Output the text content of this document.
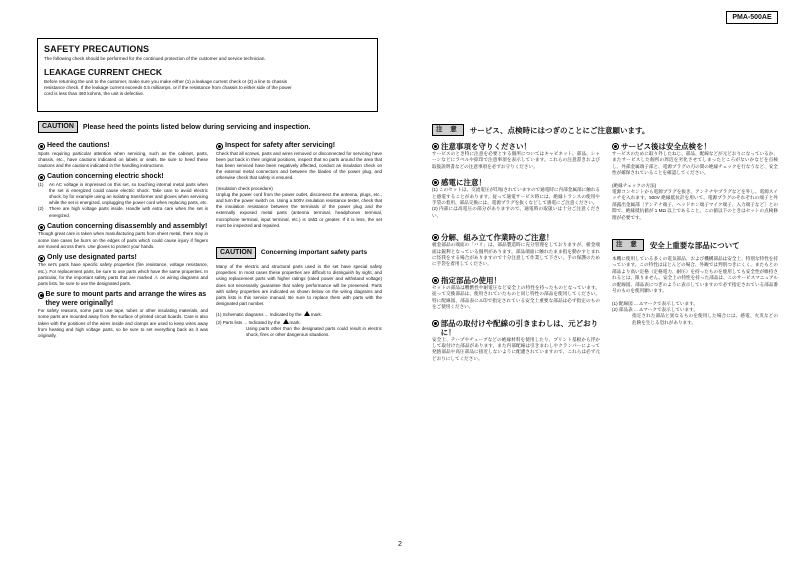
PMA-500AE
SAFETY PRECAUTIONS
The following check should be performed for the continued protection of the customer and service technician.
LEAKAGE CURRENT CHECK
Before returning the unit to the customer, make sure you make either (1) a leakage current check or (2) a line to chassis
resistance check. If the leakage current exceeds 0.5 milliamps, or if the resistance from chassis to either side of the power
cord is less than 460 kohms, the unit is defective.
CAUTION	Please heed the points listed below during servicing and inspection.
Heed the cautions!
Spots requiring particular attention when servicing, such as the cabinet, parts, chassis, etc., have cautions indicated on labels or seals. Be sure to heed these cautions and the cautions indicated in the handling instructions.
Caution concerning electric shock!
(1)	An AC voltage is impressed on this set, so touching internal metal parts when the set is energized could cause electric shock. Take care to avoid electric shock, by for example using an isolating transformer and gloves when servicing while the set is energized, unplugging the power cord when replacing parts, etc.
(2)	There are high voltage parts inside. Handle with extra care when the set is energized.
Caution concerning disassembly and assembly!
Though great care is taken when manufacturing parts from sheet metal, there may in some rare cases be burrs on the edges of parts which could cause injury if fingers are moved across them. Use gloves to protect your hands.
Only use designated parts!
The set's parts have specific safety properties (fire resistance, voltage resistance, etc.). For replacement parts, be sure to use parts which have the same properties. In particular, for the important safety parts that are marked ⚠ on wiring diagrams and parts lists, be sure to use the designated parts.
Be sure to mount parts and arrange the wires as they were originally!
For safety reasons, some parts use tape, tubes or other insulating materials, and some parts are mounted away from the surface of printed circuit boards. Care is also taken with the positions of the wires inside and clamps are used to keep wires away from heating and high voltage parts, so be sure to set everything back as it was originally.
Inspect for safety after servicing!
Check that all screws, parts and wires removed or disconnected for servicing have been put back in their original positions, inspect that no parts around the area that has been serviced have been negatively affected, conduct an insulation check on the external metal connectors and between the blades of the power plug, and otherwise check that safety is ensured.
(Insulation check procedure)
Unplug the power cord from the power outlet, disconnect the antenna, plugs, etc., and turn the power switch on. Using a 500V insulation resistance tester, check that the insulation resistance between the terminals of the power plug and the externally exposed metal parts (antenna terminal, headphones terminal, microphone terminal, input terminal, etc.) is 1MΩ or greater. If it is less, the set must be inspected and repaired.
CAUTION	Concerning important safety parts
Many of the electric and structural parts used in the set have special safety properties. In most cases these properties are difficult to distinguish by sight, and using replacement parts with higher ratings (rated power and withstand voltage) does not necessarily guarantee that safety performance will be preserved. Parts with safety properties are indicated as shown below on the wiring diagrams and parts lists is this service manual. Be sure to replace them with parts with the designated part number.
(1) Schematic diagrams ... Indicated by the mark.
(2) Parts lists ... Indicated by the mark.
Using parts other than the designated parts could result in electric shock, fires or other dangerous situations.
注 意	サービス、点検時にはつぎのことにご注意願います。
注意事項を守りください！
サービスのとき特に注意を必要とする個所についてはキャビネット、部品、シャーシなどにラベルや捺印で注意事項を表示しています。これらの注意書きおよび取扱説明書などの注意事項を必ずお守りください。
感電に注意！
(1) このセットは、交流電圧が印加されていますので通電時に内部金属部に触れると感電することがあります。従って通電サービス時には、絶縁トランスの使用や手袋の着用、部品交換には、電源プラグを抜くなどして感電にご注意ください。
(2) 内部には高電圧の部分がありますので、通電時の取扱いは十分ご注意ください。
分解、組み立て作業時のご注意！
板金部品の端面の「バリ」は、部品製造時に充分管理をしておりますが、板金端面は鋭利となっている個所があります。部品端面に触れたまま指を動かすとまれに怪我をする場合がありますので十分注意して作業して下さい。手の保護のために手袋を着用してください。
指定部品の使用！
セットの部品は難燃性や耐電圧など安全上の特性を持ったものとなっています。従って交換部品は、使用されていたものと同じ特性の部品を使用してください。特に配線図、部品表に⚠印で指定されている安全上重要な部品は必ず指定のものをご使用ください。
部品の取付けや配線の引きまわしは、元どおりに！
安全上、テープやチューブなどの絶縁材料を使用したり、プリント基板から浮かして取付けた部品があります。また内部配線は引きまわしやクランパーによって発熱部品や高圧部品に接近しないように配慮されていますので、これらは必ず元どおりにしてください。
サービス後は安全点検を！
サービスのために取り外したねじ、部品、配線などが元どおりになっているか、またサービスした個所の周辺を劣化させてしまったところがないかなどを点検し、外部金属端子部と、電源プラグの刃の間の絶縁チェックを行なうなど、安全性が確保されていることを確認してください。
(絶縁チェックの方法)
電源コンセントから電源プラグを抜き、アンテナやプラグなどを外し、電源スイッチを入れます。500V 絶縁抵抗計を用いて、電源プラグのそれぞれの端子と外部露出金属部［アンテナ端子、ヘッドホン端子マイク端子、入力端子など］との間で、絶縁抵抗値が 1 MΩ 以上であること。この値以下のときはセットの点検修理が必要です。
注 意	安全上重要な部品について
本機に使用している多くの電気部品、および機構部品は安全上、特別な特性を持っています。この特性はほとんどの場合、外観では判別つきにくく、またもとの部品より高い定格（定格電力、耐圧）を持ったものを使用しても安全性が維持されるとは、限りません。安全上の特性を持った部品は、このサービスマニュアルの配線図、部品表につぎのように表示していますので必ず指定されている部品番号のものを使用願います。
(1) 配線図 ... ⚠マークで表示しています。
(2) 部品表 ... ⚠マークで表示しています。
指定された部品と異なるものを使用した場合には、感電、火災などの危険を生じる恐れがあります。
2
